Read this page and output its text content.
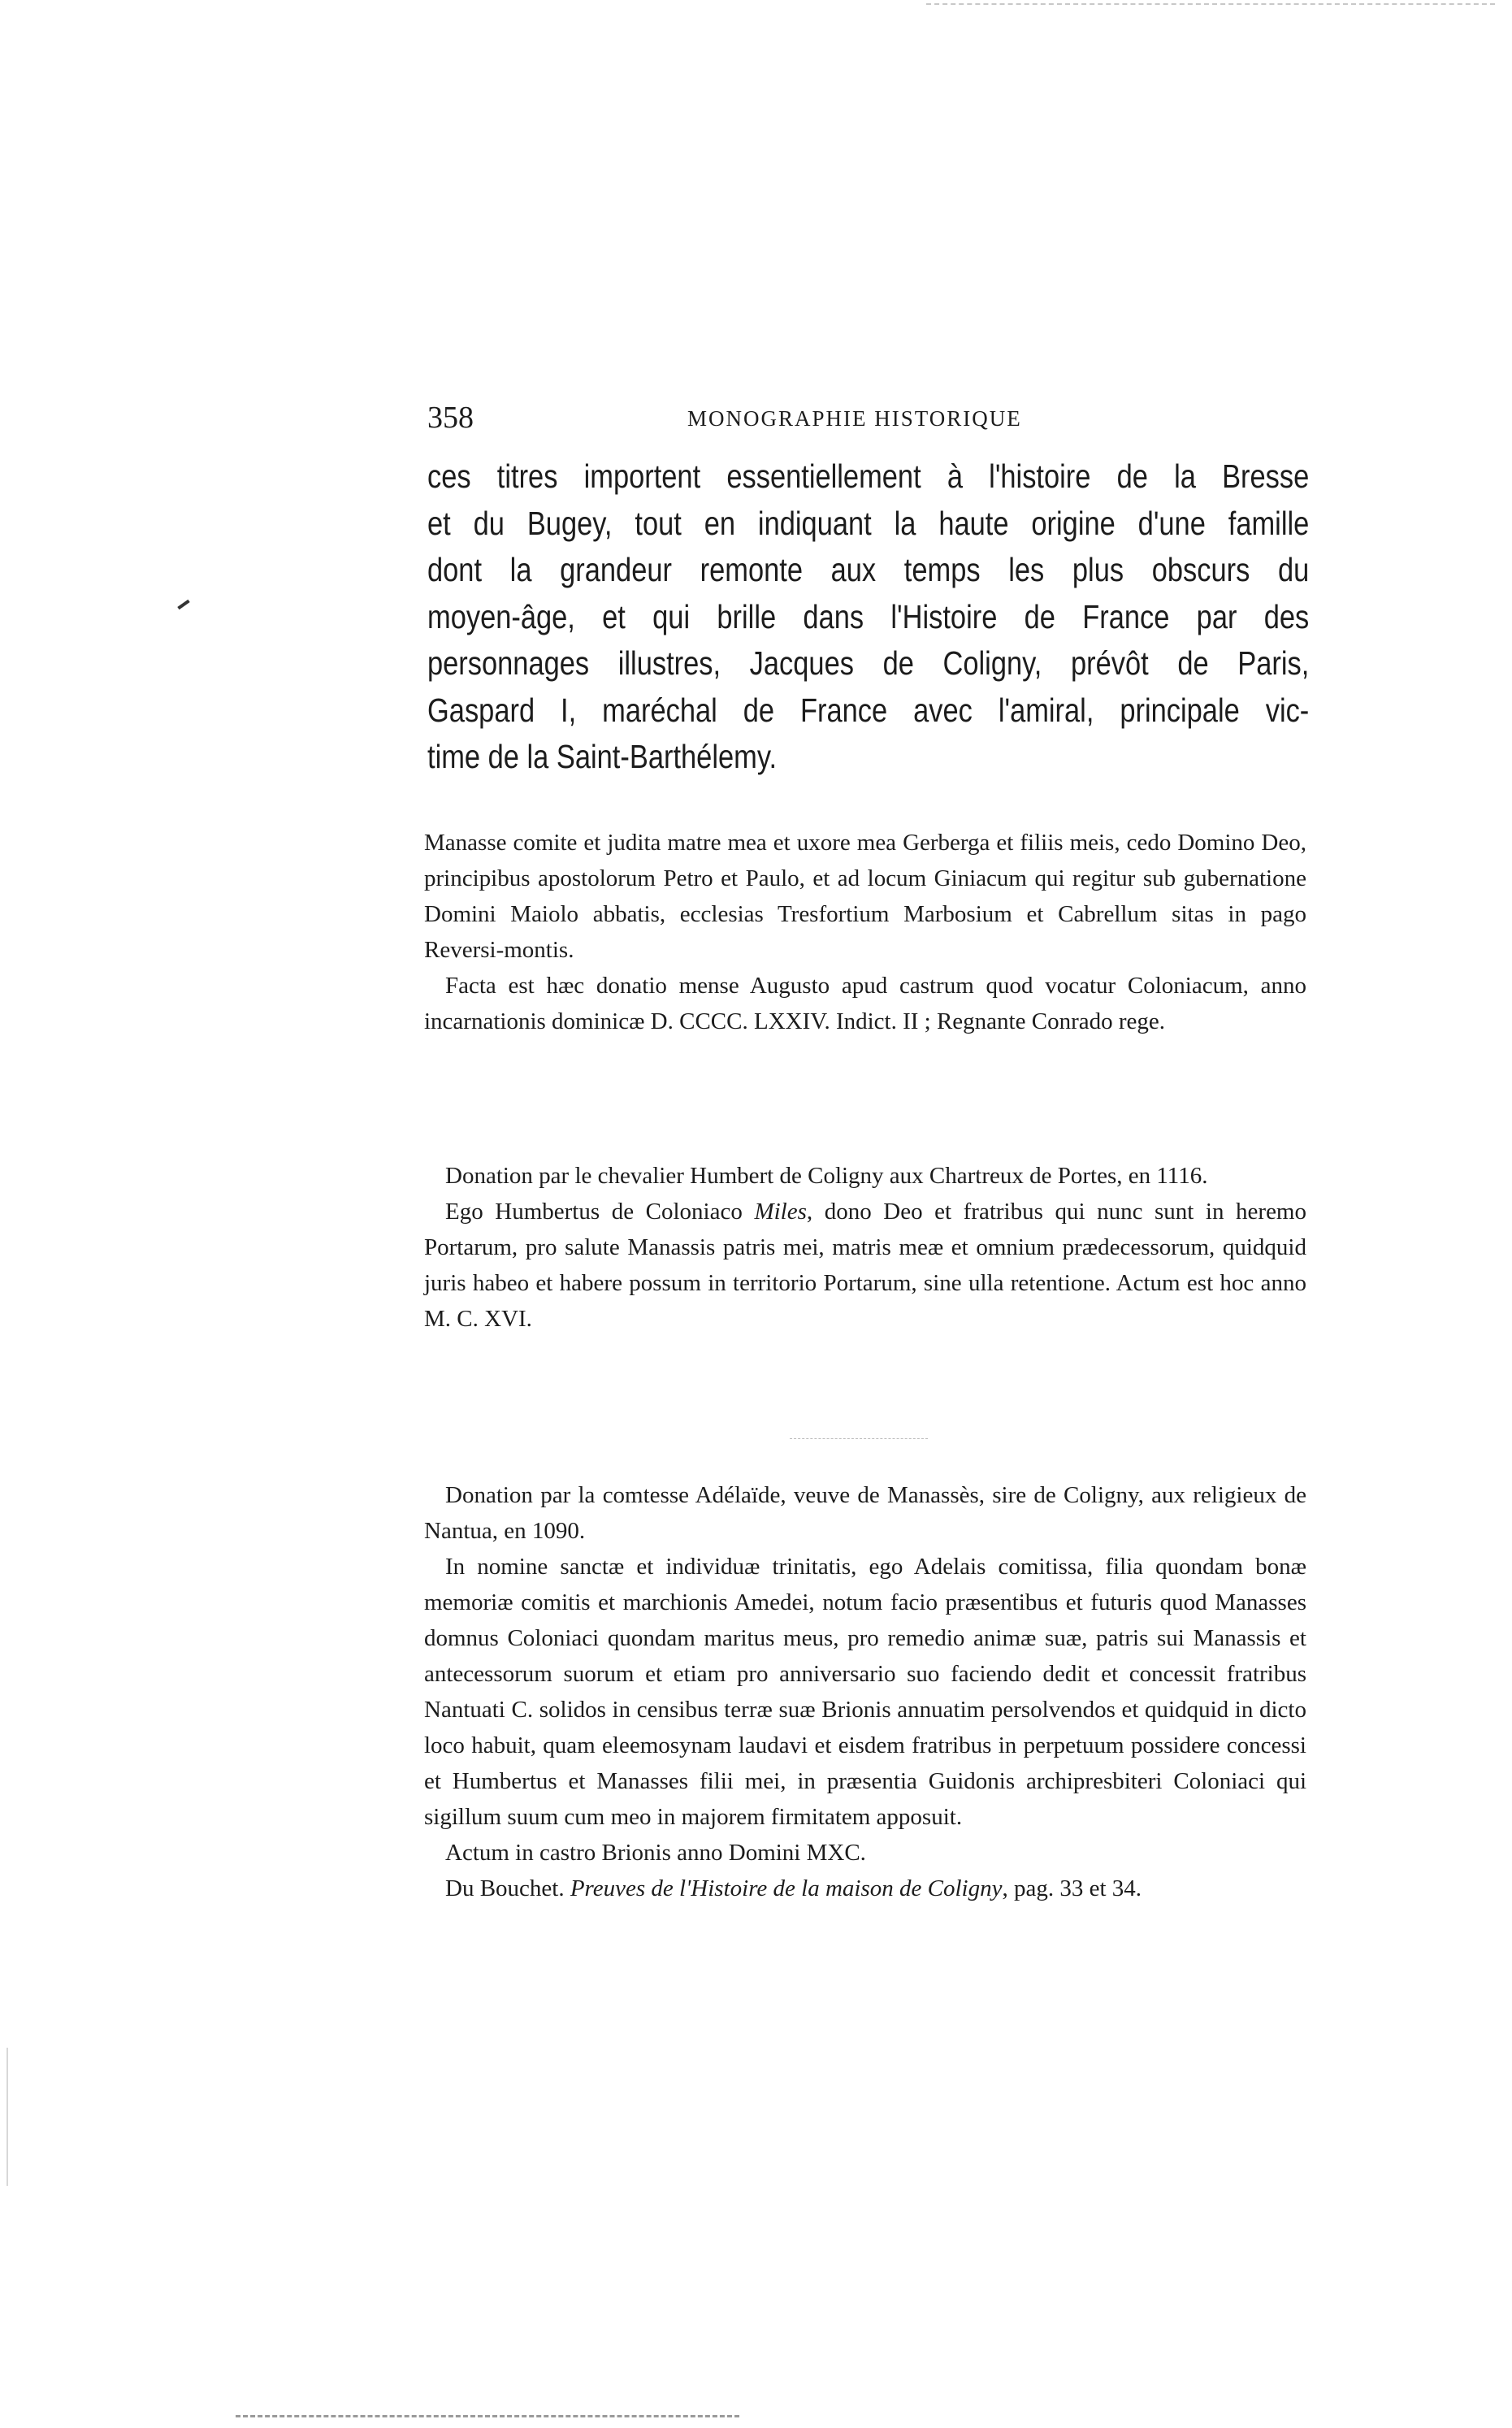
358	MONOGRAPHIE HISTORIQUE
ces titres importent essentiellement à l'histoire de la Bresse
et du Bugey, tout en indiquant la haute origine d'une famille
dont la grandeur remonte aux temps les plus obscurs du
moyen-âge, et qui brille dans l'Histoire de France par des
personnages illustres, Jacques de Coligny, prévôt de Paris,
Gaspard I, maréchal de France avec l'amiral, principale vic-
time de la Saint-Barthélemy.

Manasse comite et judita matre mea et uxore mea Gerberga et filiis meis, cedo Domino Deo, principibus apostolorum Petro et Paulo, et ad locum Giniacum qui regitur sub gubernatione Domini Maiolo abbatis, ecclesias Tresfortium Marbosium et Cabrellum sitas in pago Reversi-montis.

Facta est hæc donatio mense Augusto apud castrum quod vocatur Coloniacum, anno incarnationis dominicæ D. CCCC. LXXIV. Indict. II ; Regnante Conrado rege.

Donation par le chevalier Humbert de Coligny aux Chartreux de Portes, en 1116.

Ego Humbertus de Coloniaco Miles, dono Deo et fratribus qui nunc sunt in heremo Portarum, pro salute Manassis patris mei, matris meæ et omnium prædecessorum, quidquid juris habeo et habere possum in territorio Portarum, sine ulla retentione. Actum est hoc anno M. C. XVI.

Donation par la comtesse Adélaïde, veuve de Manassès, sire de Coligny, aux religieux de Nantua, en 1090.

In nomine sanctæ et individuæ trinitatis, ego Adelais comitissa, filia quondam bonæ memoriæ comitis et marchionis Amedei, notum facio præsentibus et futuris quod Manasses domnus Coloniaci quondam maritus meus, pro remedio animæ suæ, patris sui Manassis et antecessorum suorum et etiam pro anniversario suo faciendo dedit et concessit fratribus Nantuati C. solidos in censibus terræ suæ Brionis annuatim persolvendos et quidquid in dicto loco habuit, quam eleemosynam laudavi et eisdem fratribus in perpetuum possidere concessi et Humbertus et Manasses filii mei, in præsentia Guidonis archipresbiteri Coloniaci qui sigillum suum cum meo in majorem firmitatem apposuit.

Actum in castro Brionis anno Domini MXC.

Du Bouchet. Preuves de l'Histoire de la maison de Coligny, pag. 33 et 34.
